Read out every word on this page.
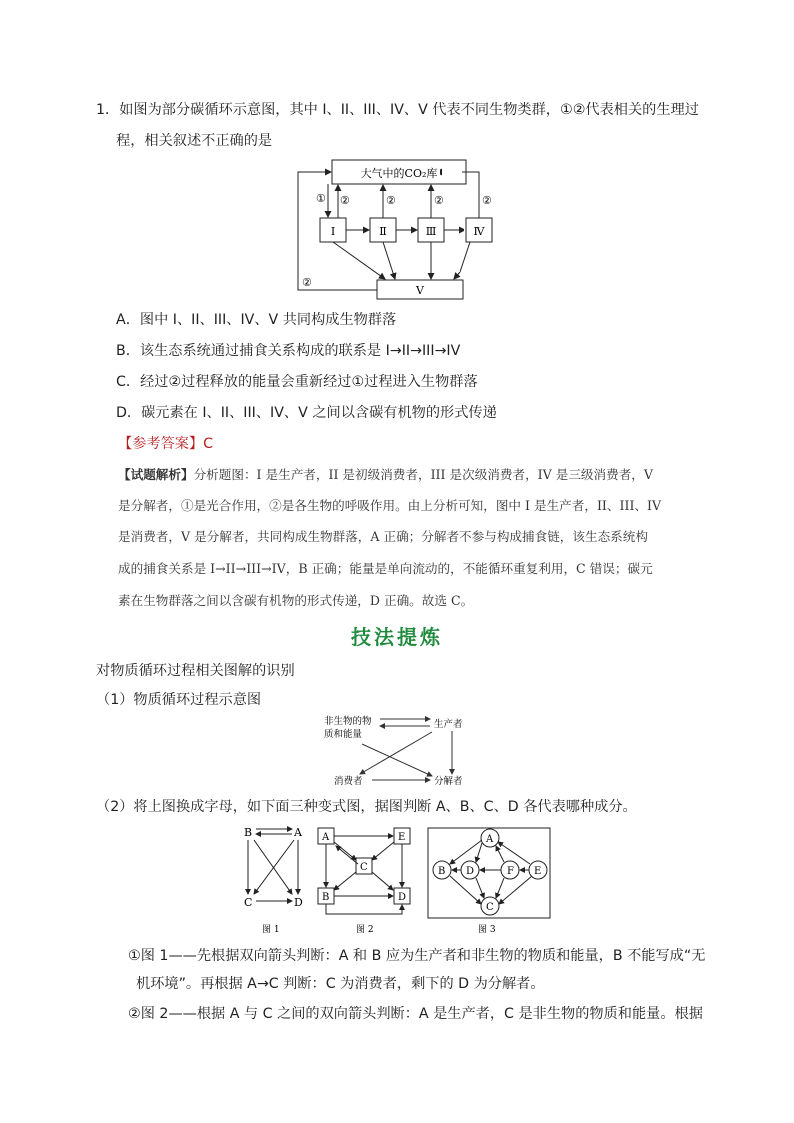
1．如图为部分碳循环示意图，其中 I、II、III、IV、V 代表不同生物类群，①②代表相关的生理过
程，相关叙述不正确的是
大气中的CO₂库
Ⅰ	Ⅱ	Ⅲ
Ⅴ
① ②	②	②
②
Ⅳ
②
A．图中 I、II、III、IV、V 共同构成生物群落
B．该生态系统通过捕食关系构成的联系是 I→II→III→IV
C．经过②过程释放的能量会重新经过①过程进入生物群落
D．碳元素在 I、II、III、IV、V 之间以含碳有机物的形式传递
【参考答案】C
【试题解析】分析题图：I 是生产者，II 是初级消费者，III 是次级消费者，IV 是三级消费者，V
是分解者，①是光合作用，②是各生物的呼吸作用。由上分析可知，图中 I 是生产者，II、III、IV
是消费者，V 是分解者，共同构成生物群落，A 正确；分解者不参与构成捕食链，该生态系统构
成的捕食关系是 I→II→III→IV，B 正确；能量是单向流动的，不能循环重复利用，C 错误；碳元
素在生物群落之间以含碳有机物的形式传递，D 正确。故选 C。
技法提炼
对物质循环过程相关图解的识别
（1）物质循环过程示意图
非生物的物
质和能量
生产者
消费者	分解者
（2）将上图换成字母，如下面三种变式图，据图判断 A、B、C、D 各代表哪种成分。
B	A
C	D
图 1
A	E
C
B	D
图 2
A
B D	F E
C
图 3
①图 1——先根据双向箭头判断：A 和 B 应为生产者和非生物的物质和能量，B 不能写成“无
机环境”。再根据 A→C 判断：C 为消费者，剩下的 D 为分解者。
②图 2——根据 A 与 C 之间的双向箭头判断：A 是生产者，C 是非生物的物质和能量。根据
